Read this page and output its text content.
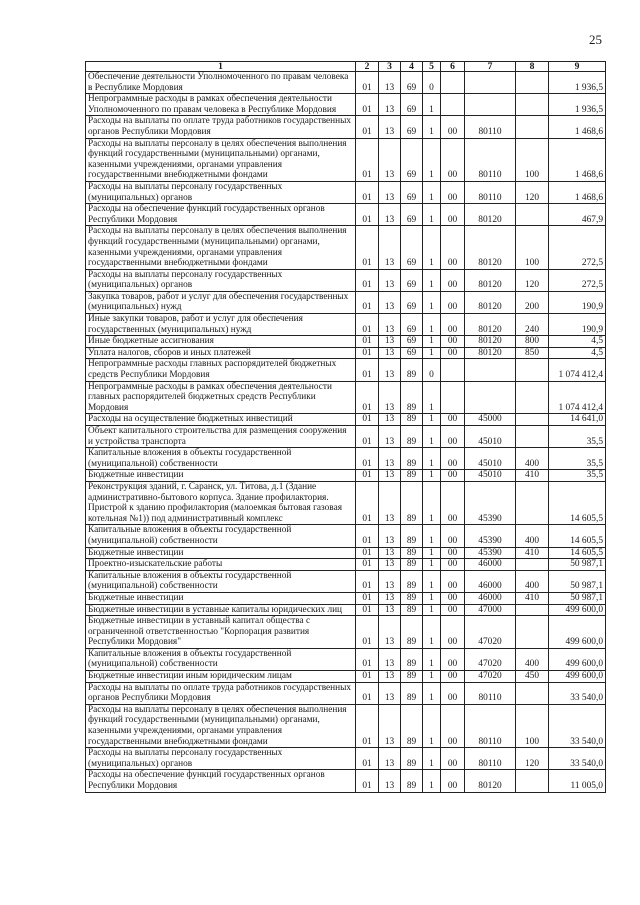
25
1	2	3	4	5	6	7	8	9
Обеспечение деятельности Уполномоченного по правам человека в Республике Мордовия	01	13	69	0				1 936,5
Непрограммные расходы в рамках обеспечения деятельности Уполномоченного по правам человека в Республике Мордовия	01	13	69	1				1 936,5
Расходы на выплаты по оплате труда работников государственных органов Республики Мордовия	01	13	69	1	00	80110		1 468,6
Расходы на выплаты персоналу в целях обеспечения выполнения функций государственными (муниципальными) органами, казенными учреждениями, органами управления государственными внебюджетными фондами	01	13	69	1	00	80110	100	1 468,6
Расходы на выплаты персоналу государственных (муниципальных) органов	01	13	69	1	00	80110	120	1 468,6
Расходы на обеспечение функций государственных органов Республики Мордовия	01	13	69	1	00	80120		467,9
Расходы на выплаты персоналу в целях обеспечения выполнения функций государственными (муниципальными) органами, казенными учреждениями, органами управления государственными внебюджетными фондами	01	13	69	1	00	80120	100	272,5
Расходы на выплаты персоналу государственных (муниципальных) органов	01	13	69	1	00	80120	120	272,5
Закупка товаров, работ и услуг для обеспечения государственных (муниципальных) нужд	01	13	69	1	00	80120	200	190,9
Иные закупки товаров, работ и услуг для обеспечения государственных (муниципальных) нужд	01	13	69	1	00	80120	240	190,9
Иные бюджетные ассигнования	01	13	69	1	00	80120	800	4,5
Уплата налогов, сборов и иных платежей	01	13	69	1	00	80120	850	4,5
Непрограммные расходы главных распорядителей бюджетных средств Республики Мордовия	01	13	89	0				1 074 412,4
Непрограммные расходы в рамках обеспечения деятельности главных распорядителей бюджетных средств Республики Мордовия	01	13	89	1				1 074 412,4
Расходы на осуществление бюджетных инвестиций	01	13	89	1	00	45000		14 641,0
Объект капитального строительства для размещения сооружения и устройства транспорта	01	13	89	1	00	45010		35,5
Капитальные вложения в объекты государственной (муниципальной) собственности	01	13	89	1	00	45010	400	35,5
Бюджетные инвестиции	01	13	89	1	00	45010	410	35,5
Реконструкция зданий, г. Саранск, ул. Титова, д.1 (Здание административно-бытового корпуса. Здание профилактория. Пристрой к зданию профилактория (малоемкая бытовая газовая котельная №1)) под административный комплекс	01	13	89	1	00	45390		14 605,5
Капитальные вложения в объекты государственной (муниципальной) собственности	01	13	89	1	00	45390	400	14 605,5
Бюджетные инвестиции	01	13	89	1	00	45390	410	14 605,5
Проектно-изыскательские работы	01	13	89	1	00	46000		50 987,1
Капитальные вложения в объекты государственной (муниципальной) собственности	01	13	89	1	00	46000	400	50 987,1
Бюджетные инвестиции	01	13	89	1	00	46000	410	50 987,1
Бюджетные инвестиции в уставные капиталы юридических лиц	01	13	89	1	00	47000		499 600,0
Бюджетные инвестиции в уставный капитал общества с ограниченной ответственностью "Корпорация развития Республики Мордовия"	01	13	89	1	00	47020		499 600,0
Капитальные вложения в объекты государственной (муниципальной) собственности	01	13	89	1	00	47020	400	499 600,0
Бюджетные инвестиции иным юридическим лицам	01	13	89	1	00	47020	450	499 600,0
Расходы на выплаты по оплате труда работников государственных органов Республики Мордовия	01	13	89	1	00	80110		33 540,0
Расходы на выплаты персоналу в целях обеспечения выполнения функций государственными (муниципальными) органами, казенными учреждениями, органами управления государственными внебюджетными фондами	01	13	89	1	00	80110	100	33 540,0
Расходы на выплаты персоналу государственных (муниципальных) органов	01	13	89	1	00	80110	120	33 540,0
Расходы на обеспечение функций государственных органов Республики Мордовия	01	13	89	1	00	80120		11 005,0
